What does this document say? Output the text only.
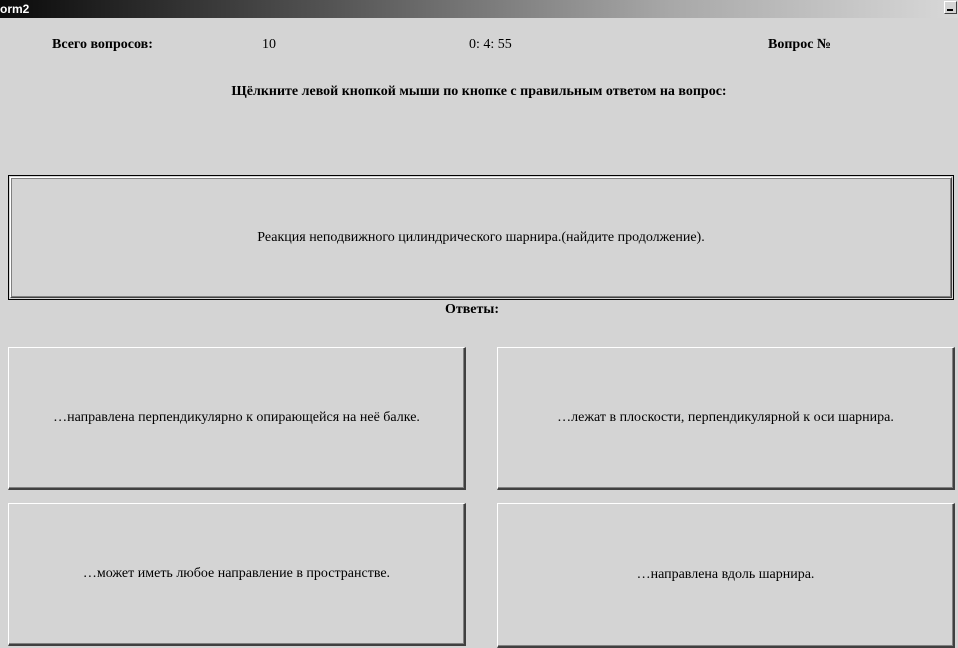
orm2
Всего вопросов:	10	0: 4: 55	Вопрос №
Щёлкните левой кнопкой мыши по кнопке с правильным ответом на вопрос:
Реакция неподвижного цилиндрического шарнира.(найдите продолжение).
Ответы:
…направлена перпендикулярно к опирающейся на неё балке.	…лежат в плоскости, перпендикулярной к оси шарнира.
…может иметь любое направление в пространстве.	…направлена вдоль шарнира.
